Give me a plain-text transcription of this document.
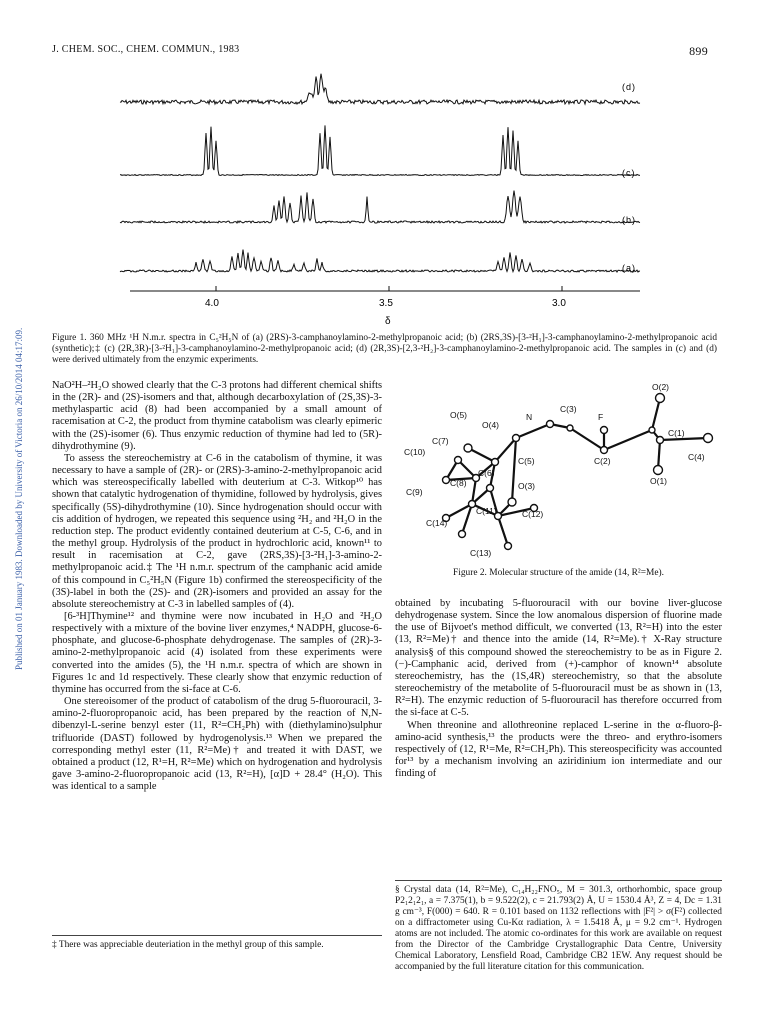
J. CHEM. SOC., CHEM. COMMUN., 1983	899
Published on 01 January 1983. Downloaded by University of Victoria on 26/10/2014 04:17:09.
(d)
(c)
(b)
(a)
4.0	3.5	3.0
δ
Figure 1. 360 MHz ¹H N.m.r. spectra in C₅²H₅N of (a) (2RS)-3-camphanoylamino-2-methylpropanoic acid; (b) (2RS,3S)-[3-²H₁]-3-camphanoylamino-2-methylpropanoic acid (synthetic);‡ (c) (2R,3R)-[3-²H₁]-3-camphanoylamino-2-methylpropanoic acid; (d) (2R,3S)-[2,3-²H₂]-3-camphanoylamino-2-methylpropanoic acid. The samples in (c) and (d) were derived ultimately from the enzymic experiments.

NaO²H–²H₂O showed clearly that the C-3 protons had different chemical shifts in the (2R)- and (2S)-isomers and that, although decarboxylation of (2S,3S)-3-methylaspartic acid (8) had been accompanied by a small amount of racemisation at C-2, the product from thymine catabolism was clearly epimeric with the (2S)-isomer (6). Thus enzymic reduction of thymine had led to (5R)-dihydrothymine (9).

To assess the stereochemistry at C-6 in the catabolism of thymine, it was necessary to have a sample of (2R)- or (2RS)-3-amino-2-methylpropanoic acid which was stereospecifically labelled with deuterium at C-3. Witkop¹⁰ has shown that catalytic hydrogenation of thymidine, followed by hydrolysis, gives specifically (5S)-dihydrothymine (10). Since hydrogenation should occur with cis addition of hydrogen, we repeated this sequence using ²H₂ and ²H₂O in the reduction step. The product evidently contained deuterium at C-5, C-6, and in the methyl group. Hydrolysis of the product in hydrochloric acid, known¹¹ to result in racemisation at C-2, gave (2RS,3S)-[3-²H₁]-3-amino-2-methylpropanoic acid.‡ The ¹H n.m.r. spectrum of the camphanic acid amide of this compound in C₅²H₅N (Figure 1b) confirmed the stereospecificity of the (3S)-label in both the (2S)- and (2R)-isomers and provided an assay for the absolute stereochemistry at C-3 in labelled samples of (4).

[6-³H]Thymine¹² and thymine were now incubated in H₂O and ²H₂O respectively with a mixture of the bovine liver enzymes,⁴ NADPH, glucose-6-phosphate, and glucose-6-phosphate dehydrogenase. The samples of (2R)-3-amino-2-methylpropanoic acid (4) isolated from these experiments were converted into the amides (5), the ¹H n.m.r. spectra of which are shown in Figures 1c and 1d respectively. These clearly show that enzymic reduction of thymine has occurred from the si-face at C-6.

One stereoisomer of the product of catabolism of the drug 5-fluorouracil, 3-amino-2-fluoropropanoic acid, has been prepared by the reaction of N,N-dibenzyl-L-serine benzyl ester (11, R²=CH₂Ph) with (diethylamino)sulphur trifluoride (DAST) followed by hydrogenolysis.¹³ When we prepared the corresponding methyl ester (11, R²=Me)† and treated it with DAST, we obtained a product (12, R¹=H, R²=Me) which on hydrogenation and hydrolysis gave 3-amino-2-fluoropropanoic acid (13, R²=H), [α]D + 28.4° (H₂O). This was identical to a sample

O(2)
C(3)
O(5)
O(4)
N	F
C(7)
C(1)
C(10)	C(4)
C(5)	C(2)
C(6)
O(1)
C(8)	O(3)
C(9)
C(11)	C(12)
C(14)
C(13)
Figure 2. Molecular structure of the amide (14, R²=Me).

obtained by incubating 5-fluorouracil with our bovine liver-glucose dehydrogenase system. Since the low anomalous dispersion of fluorine made the use of Bijvoet's method difficult, we converted (13, R²=H) into the ester (13, R²=Me)† and thence into the amide (14, R²=Me).† X-Ray structure analysis§ of this compound showed the stereochemistry to be as in Figure 2. (−)-Camphanic acid, derived from (+)-camphor of known¹⁴ absolute stereochemistry, has the (1S,4R) stereochemistry, so that the absolute stereochemistry of the metabolite of 5-fluorouracil must be as shown in (13, R²=H). The enzymic reduction of 5-fluorouracil has therefore occurred from the si-face at C-5.

When threonine and allothreonine replaced L-serine in the α-fluoro-β-amino-acid synthesis,¹³ the products were the threo- and erythro-isomers respectively of (12, R¹=Me, R²=CH₂Ph). This stereospecificity was accounted for¹³ by a mechanism involving an aziridinium ion intermediate and our finding of

‡ There was appreciable deuteriation in the methyl group of this sample.
§ Crystal data (14, R²=Me), C₁₄H₂₂FNO₅, M = 301.3, orthorhombic, space group P2₁2₁2₁, a = 7.375(1), b = 9.522(2), c = 21.793(2) Å, U = 1530.4 Å³, Z = 4, Dc = 1.31 g cm⁻³, F(000) = 640. R = 0.101 based on 1132 reflections with |F²| > σ(F²) collected on a diffractometer using Cu-Kα radiation, λ = 1.5418 Å, μ = 9.2 cm⁻¹. Hydrogen atoms are not included. The atomic co-ordinates for this work are available on request from the Director of the Cambridge Crystallographic Data Centre, University Chemical Laboratory, Lensfield Road, Cambridge CB2 1EW. Any request should be accompanied by the full literature citation for this communication.
